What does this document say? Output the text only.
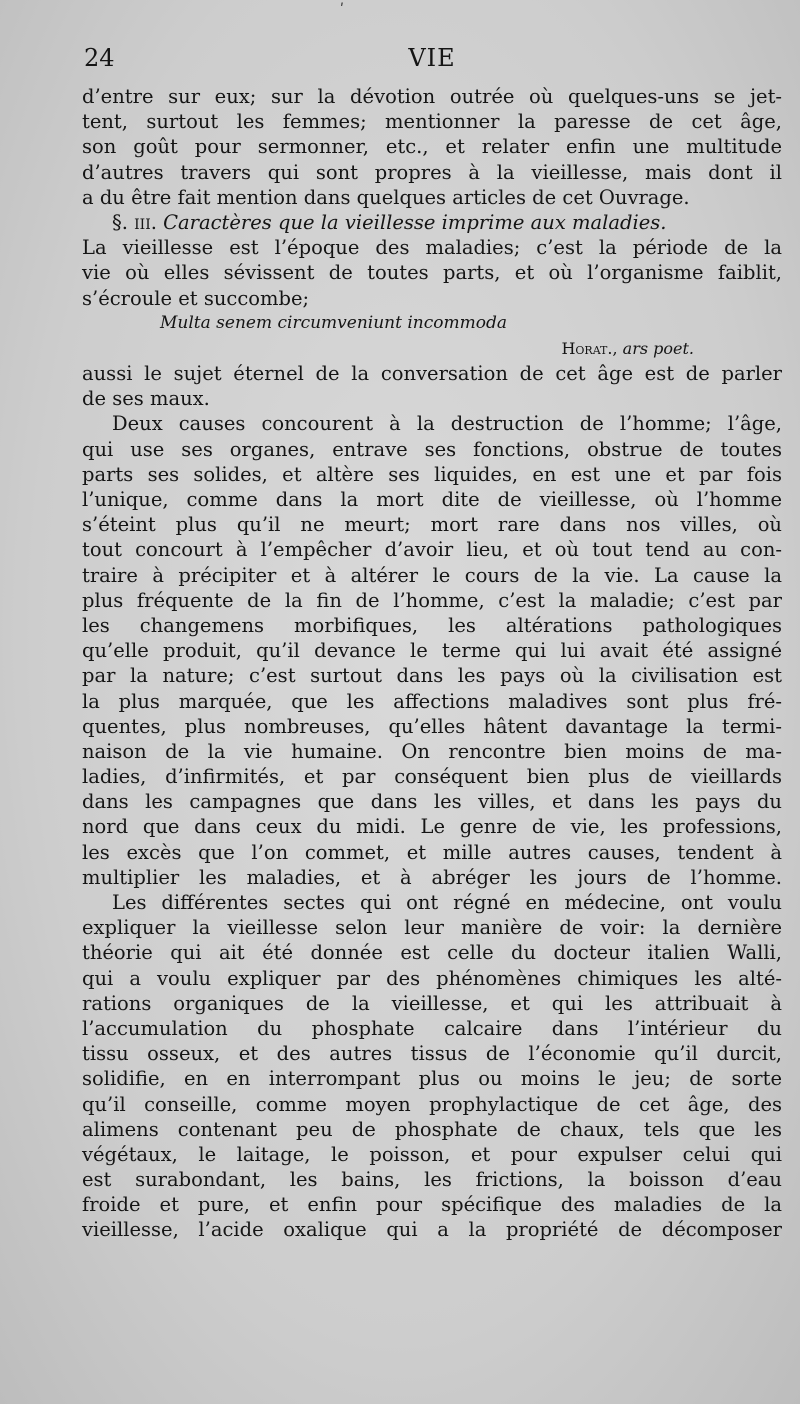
ʹ
24	VIE
d’entre sur eux; sur la dévotion outrée où quelques-uns se jet-
tent, surtout les femmes; mentionner la paresse de cet âge,
son goût pour sermonner, etc., et relater enfin une multitude
d’autres travers qui sont propres à la vieillesse, mais dont il
a du être fait mention dans quelques articles de cet Ouvrage.
§. iii. Caractères que la vieillesse imprime aux maladies.
La vieillesse est l’époque des maladies; c’est la période de la
vie où elles sévissent de toutes parts, et où l’organisme faiblit,
s’écroule et succombe;
Multa senem circumveniunt incommoda
Horat., ars poet.
aussi le sujet éternel de la conversation de cet âge est de parler
de ses maux.
Deux causes concourent à la destruction de l’homme; l’âge,
qui use ses organes, entrave ses fonctions, obstrue de toutes
parts ses solides, et altère ses liquides, en est une et par fois
l’unique, comme dans la mort dite de vieillesse, où l’homme
s’éteint plus qu’il ne meurt; mort rare dans nos villes, où
tout concourt à l’empêcher d’avoir lieu, et où tout tend au con-
traire à précipiter et à altérer le cours de la vie. La cause la
plus fréquente de la fin de l’homme, c’est la maladie; c’est par
les changemens morbifiques, les altérations pathologiques
qu’elle produit, qu’il devance le terme qui lui avait été assigné
par la nature; c’est surtout dans les pays où la civilisation est
la plus marquée, que les affections maladives sont plus fré-
quentes, plus nombreuses, qu’elles hâtent davantage la termi-
naison de la vie humaine. On rencontre bien moins de ma-
ladies, d’infirmités, et par conséquent bien plus de vieillards
dans les campagnes que dans les villes, et dans les pays du
nord que dans ceux du midi. Le genre de vie, les professions,
les excès que l’on commet, et mille autres causes, tendent à
multiplier les maladies, et à abréger les jours de l’homme.
Les différentes sectes qui ont régné en médecine, ont voulu
expliquer la vieillesse selon leur manière de voir: la dernière
théorie qui ait été donnée est celle du docteur italien Walli,
qui a voulu expliquer par des phénomènes chimiques les alté-
rations organiques de la vieillesse, et qui les attribuait à
l’accumulation du phosphate calcaire dans l’intérieur du
tissu osseux, et des autres tissus de l’économie qu’il durcit,
solidifie, en en interrompant plus ou moins le jeu; de sorte
qu’il conseille, comme moyen prophylactique de cet âge, des
alimens contenant peu de phosphate de chaux, tels que les
végétaux, le laitage, le poisson, et pour expulser celui qui
est surabondant, les bains, les frictions, la boisson d’eau
froide et pure, et enfin pour spécifique des maladies de la
vieillesse, l’acide oxalique qui a la propriété de décomposer
